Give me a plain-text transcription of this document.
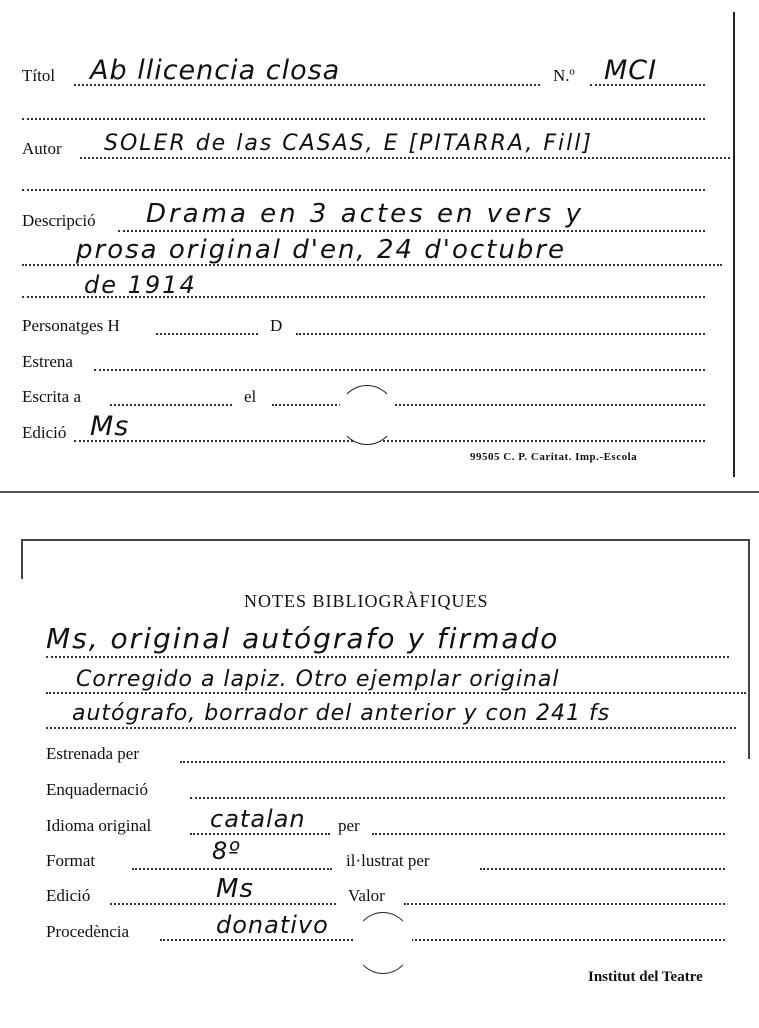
Títol Ab llicencia closa	N.º MCI
Autor SOLER de las CASAS, E [PITARRA, Fill]
Descripció Drama en 3 actes en vers y
prosa original d'en, 24 d'octubre
de 1914
Personatges H	D
Estrena
Escrita a	el
Edició Ms
99505 C. P. Caritat. Imp.-Escola
NOTES BIBLIOGRÀFIQUES
Ms, original autógrafo y firmado
Corregido a lapiz. Otro ejemplar original
autógrafo, borrador del anterior y con 241 fs
Estrenada per
Enquadernació
Idioma original catalan per
Format	8º	il·lustrat per
Edició	Ms	Valor
Procedència	donativo
Institut del Teatre
